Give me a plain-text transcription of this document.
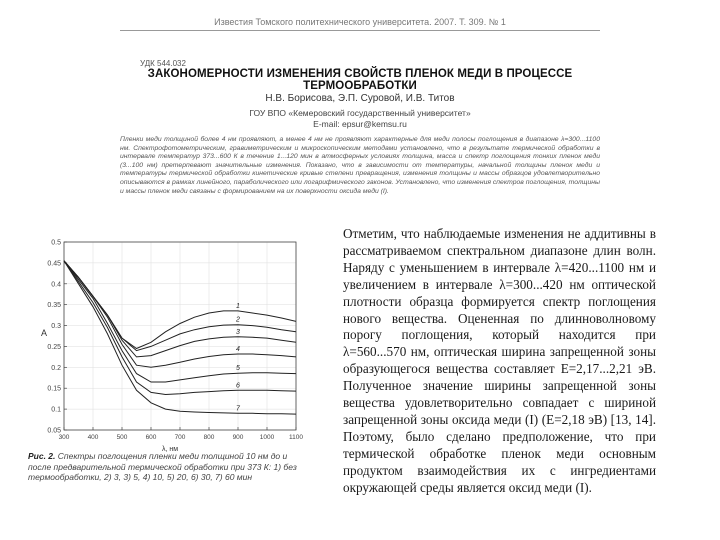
Известия Томского политехнического университета. 2007. Т. 309. № 1
УДК 544.032
ЗАКОНОМЕРНОСТИ ИЗМЕНЕНИЯ СВОЙСТВ ПЛЕНОК МЕДИ В ПРОЦЕССЕ ТЕРМООБРАБОТКИ
Н.В. Борисова, Э.П. Суровой, И.В. Титов
ГОУ ВПО «Кемеровский государственный университет»
E-mail: epsur@kemsu.ru
Пленки меди толщиной более 4 нм проявляют, а менее 4 нм не проявляют характерные для меди полосы поглощения в диапазоне λ=300...1100 нм. Спектрофотометрическим, гравиметрическим и микроскопическим методами установлено, что в результате термической обработки в интервале температур 373...600 К в течение 1...120 мин в атмосферных условиях толщина, масса и спектр поглощения тонких пленок меди (3...100 нм) претерпевают значительные изменения. Показано, что в зависимости от температуры, начальной толщины пленок меди и температуры термической обработки кинетические кривые степени превращения, изменения толщины и массы образцов удовлетворительно описываются в рамках линейного, параболического или логарифмического законов. Установлено, что изменения спектров поглощения, толщины и массы пленок меди связаны с формированием на их поверхности оксида меди (I).
0.05
0.1
0.15
0.2
0.25
0.3
0.35
0.4
0.45
0.5
300	400	500	600	700	800	900	1000 1100
1
2
3
4
5
6
7
A
λ, нм
Рис. 2. Спектры поглощения пленки меди толщиной 10 нм до и после предварительной термической обработки при 373 К: 1) без термообработки, 2) 3, 3) 5, 4) 10, 5) 20, 6) 30, 7) 60 мин
Отметим, что наблюдаемые изменения не аддитивны в рассматриваемом спектральном диапазоне длин волн. Наряду с уменьшением в интервале λ=420...1100 нм и увеличением в интервале λ=300...420 нм оптической плотности образца формируется спектр поглощения нового вещества. Оцененная по длинноволновому порогу поглощения, который находится при λ=560...570 нм, оптическая ширина запрещенной зоны образующегося вещества составляет E=2,17...2,21 эВ. Полученное значение ширины запрещенной зоны вещества удовлетворительно совпадает с шириной запрещенной зоны оксида меди (I) (E=2,18 эВ) [13, 14]. Поэтому, было сделано предположение, что при термической обработке пленок меди основным продуктом взаимодействия их с ингредиентами окружающей среды является оксид меди (I).
